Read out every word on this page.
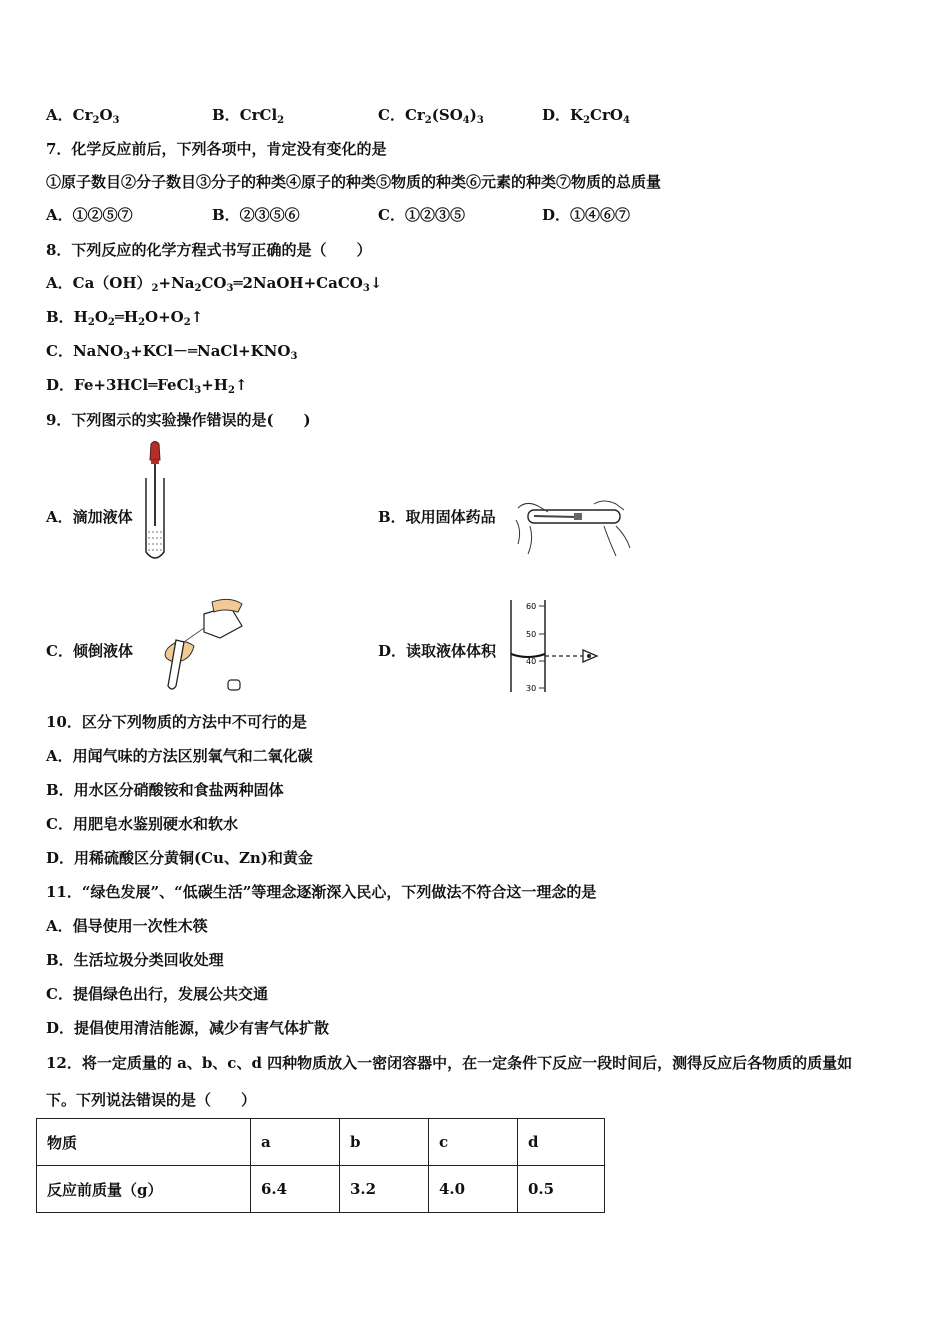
A．$Cr_2O_3$	B．CrCl$_2$	C．$Cr_2(SO_4)_3$	D．$K_2CrO_4$
7．化学反应前后，下列各项中，肯定没有变化的是
①原子数目②分子数目③分子的种类④原子的种类⑤物质的种类⑥元素的种类⑦物质的总质量
A．①②⑤⑦	B．②③⑤⑥	C．①②③⑤	D．①④⑥⑦
8．下列反应的化学方程式书写正确的是（　　）
A．$Ca(OH)_2+Na_2CO_3═2NaOH+CaCO_3↓$
B．$H_2O_2═H_2O+O_2↑$
C．$NaNO_3+KCl-═NaCl+KNO_3$
D．$Fe+3HCl═FeCl_3+H_2↑$
9．下列图示的实验操作错误的是(　　)
A．滴加液体	B．取用固体药品
C．倾倒液体	D．读取液体体积
60
50
40
30
10．区分下列物质的方法中不可行的是
A．用闻气味的方法区别氧气和二氧化碳
B．用水区分硝酸铵和食盐两种固体
C．用肥皂水鉴别硬水和软水
D．用稀硫酸区分黄铜(Cu、Zn)和黄金
11．“绿色发展”、“低碳生活”等理念逐渐深入民心，下列做法不符合这一理念的是
A．倡导使用一次性木筷
B．生活垃圾分类回收处理
C．提倡绿色出行，发展公共交通
D．提倡使用清洁能源，减少有害气体扩散
12．将一定质量的 a、b、c、d 四种物质放入一密闭容器中，在一定条件下反应一段时间后，测得反应后各物质的质量如
下。下列说法错误的是（　　）
物质	a	b	c	d
反应前质量（g）	6.4	3.2	4.0	0.5
